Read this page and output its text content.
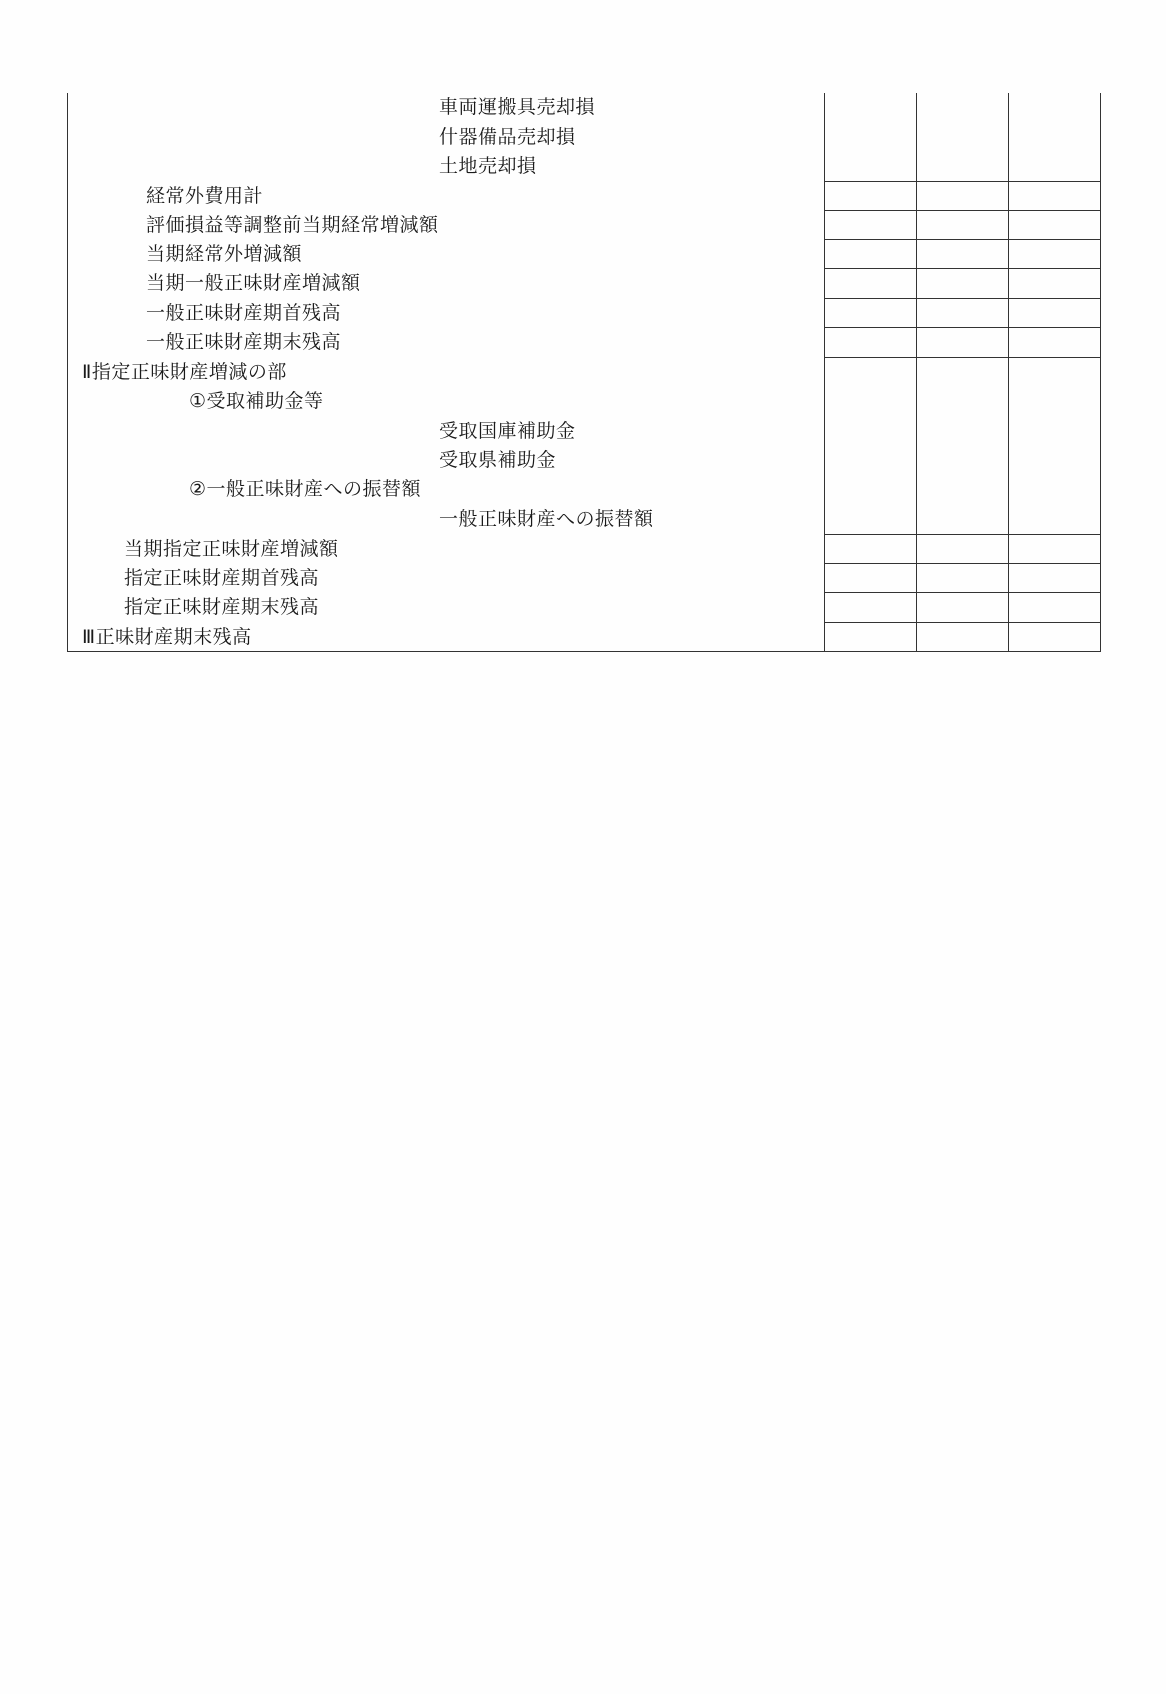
車両運搬具売却損
什器備品売却損
土地売却損
経常外費用計
評価損益等調整前当期経常増減額
当期経常外増減額
当期一般正味財産増減額
一般正味財産期首残高
一般正味財産期末残高
Ⅱ指定正味財産増減の部
①受取補助金等
受取国庫補助金
受取県補助金
②一般正味財産への振替額
一般正味財産への振替額
当期指定正味財産増減額
指定正味財産期首残高
指定正味財産期末残高
Ⅲ正味財産期末残高
